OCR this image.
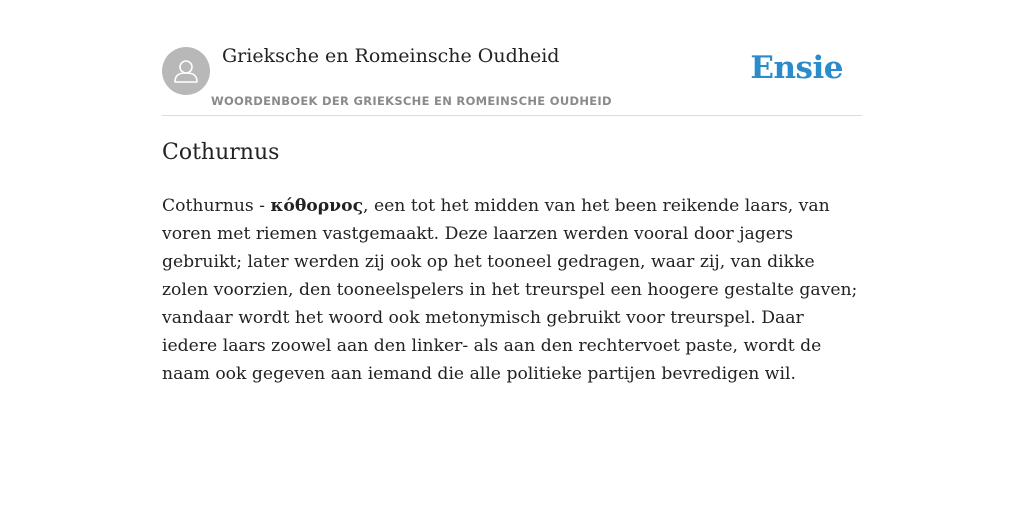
Grieksche en Romeinsche Oudheid
WOORDENBOEK DER GRIEKSCHE EN ROMEINSCHE OUDHEID
Ensie
Cothurnus

Cothurnus - κόθορνος, een tot het midden van het been reikende laars, van voren met riemen vastgemaakt. Deze laarzen werden vooral door jagers gebruikt; later werden zij ook op het tooneel gedragen, waar zij, van dikke zolen voorzien, den tooneelspelers in het treurspel een hoogere gestalte gaven; vandaar wordt het woord ook metonymisch gebruikt voor treurspel. Daar iedere laars zoowel aan den linker- als aan den rechtervoet paste, wordt de naam ook gegeven aan iemand die alle politieke partijen bevredigen wil.
